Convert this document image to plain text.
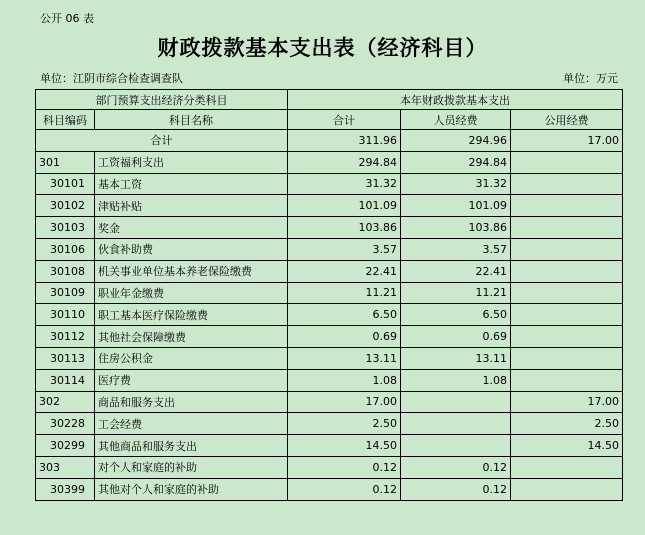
公开 06 表
财政拨款基本支出表（经济科目）
单位：江阴市综合检查调查队	单位：万元
部门预算支出经济分类科目		本年财政拨款基本支出		
科目编码	科目名称	合计	人员经费	公用经费
合计		311.96	294.96	17.00
301	工资福利支出	294.84	294.84	
30101	基本工资	31.32	31.32	
30102	津贴补贴	101.09	101.09	
30103	奖金	103.86	103.86	
30106	伙食补助费	3.57	3.57	
30108	机关事业单位基本养老保险缴费	22.41	22.41	
30109	职业年金缴费	11.21	11.21	
30110	职工基本医疗保险缴费	6.50	6.50	
30112	其他社会保障缴费	0.69	0.69	
30113	住房公积金	13.11	13.11	
30114	医疗费	1.08	1.08	
302	商品和服务支出	17.00		17.00
30228	工会经费	2.50		2.50
30299	其他商品和服务支出	14.50		14.50
303	对个人和家庭的补助	0.12	0.12	
30399	其他对个人和家庭的补助	0.12	0.12	
